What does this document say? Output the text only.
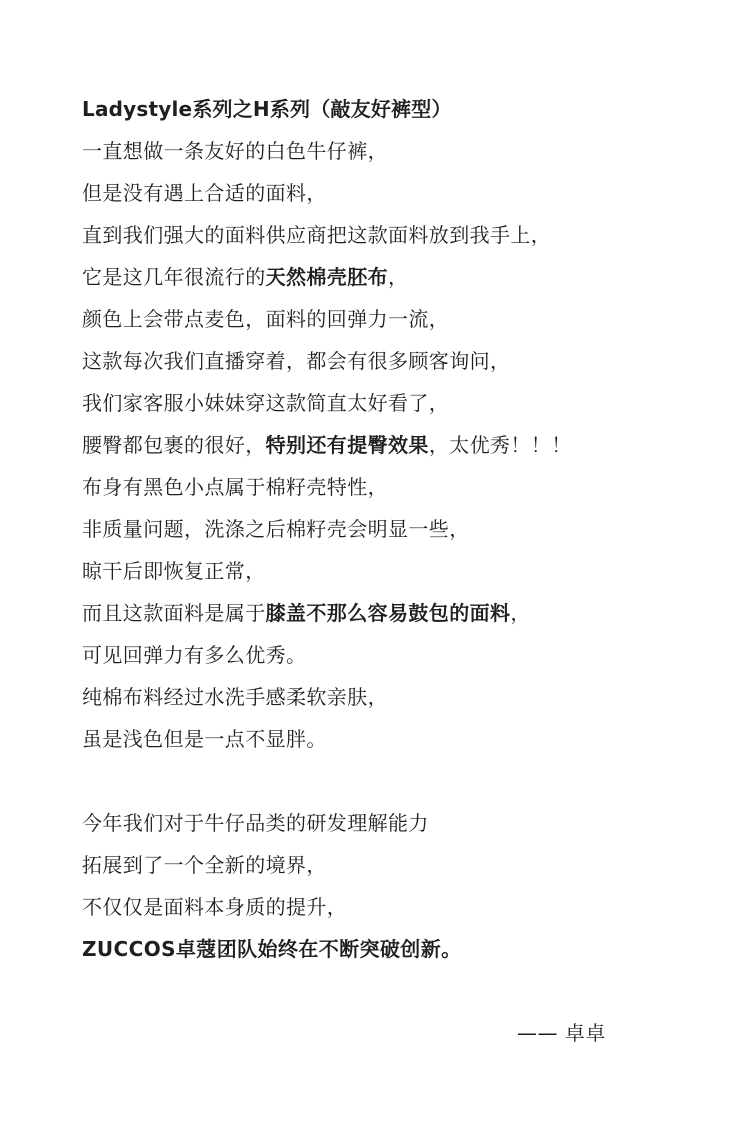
Ladystyle系列之H系列（敲友好裤型）
一直想做一条友好的白色牛仔裤，
但是没有遇上合适的面料，
直到我们强大的面料供应商把这款面料放到我手上，
它是这几年很流行的天然棉壳胚布，
颜色上会带点麦色，面料的回弹力一流，
这款每次我们直播穿着，都会有很多顾客询问，
我们家客服小妹妹穿这款简直太好看了，
腰臀都包裹的很好，特别还有提臀效果，太优秀！！！
布身有黑色小点属于棉籽壳特性，
非质量问题，洗涤之后棉籽壳会明显一些，
晾干后即恢复正常，
而且这款面料是属于膝盖不那么容易鼓包的面料，
可见回弹力有多么优秀。
纯棉布料经过水洗手感柔软亲肤，
虽是浅色但是一点不显胖。
今年我们对于牛仔品类的研发理解能力
拓展到了一个全新的境界，
不仅仅是面料本身质的提升，
ZUCCOS卓蔻团队始终在不断突破创新。
—— 卓卓
